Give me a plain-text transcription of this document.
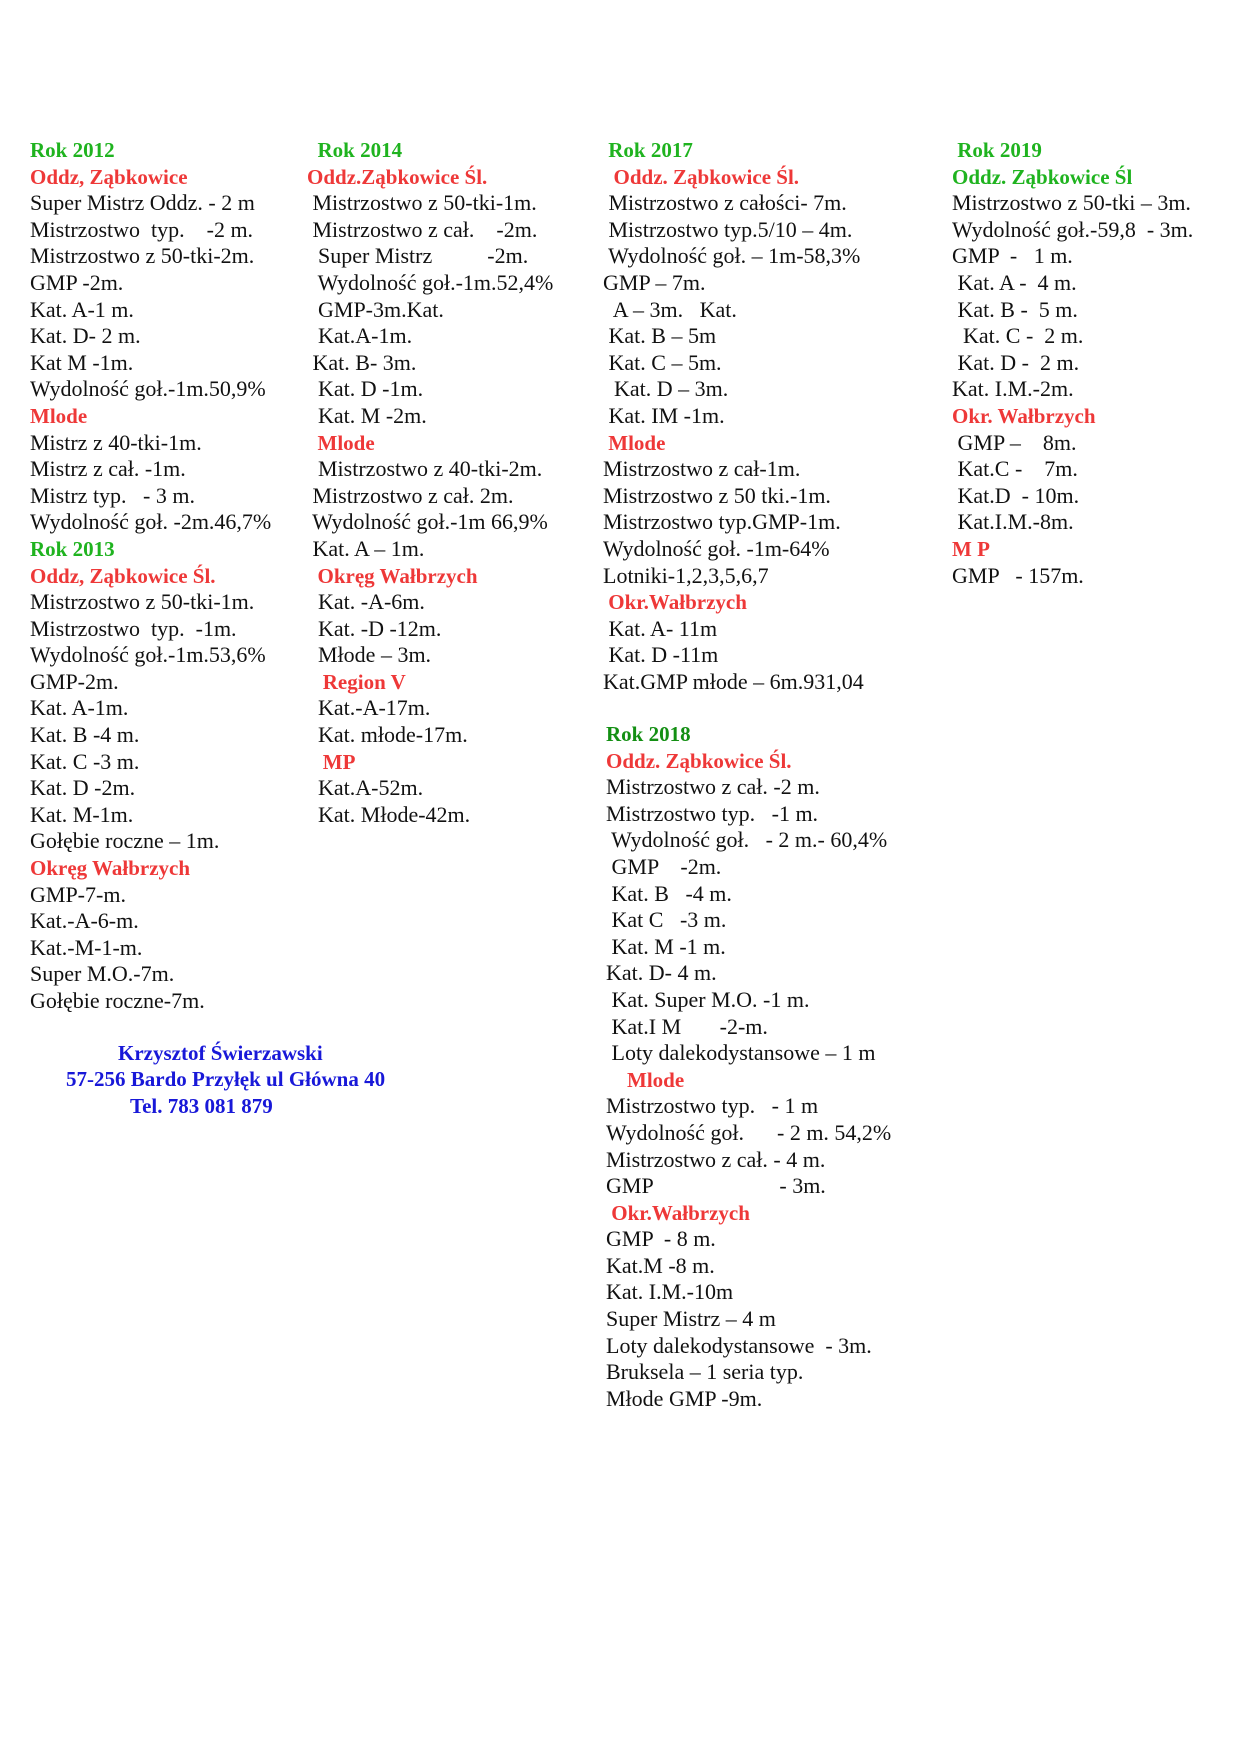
Rok 2012
Oddz, Ząbkowice
Super Mistrz Oddz. - 2 m
Mistrzostwo  typ.    -2 m.
Mistrzostwo z 50-tki-2m.
GMP -2m.
Kat. A-1 m.
Kat. D- 2 m.
Kat M -1m.
Wydolność goł.-1m.50,9%
Mlode
Mistrz z 40-tki-1m.
Mistrz z cał. -1m.
Mistrz typ.   - 3 m.
Wydolność goł. -2m.46,7%
Rok 2013
Oddz, Ząbkowice Śl.
Mistrzostwo z 50-tki-1m.
Mistrzostwo  typ.  -1m.
Wydolność goł.-1m.53,6%
GMP-2m.
Kat. A-1m.
Kat. B -4 m.
Kat. C -3 m.
Kat. D -2m.
Kat. M-1m.
Gołębie roczne – 1m.
Okręg Wałbrzych
GMP-7-m.
Kat.-A-6-m.
Kat.-M-1-m.
Super M.O.-7m.
Gołębie roczne-7m.
Rok 2014
Oddz.Ząbkowice Śl.
Mistrzostwo z 50-tki-1m.
Mistrzostwo z cał.    -2m.
Super Mistrz          -2m.
Wydolność goł.-1m.52,4%
GMP-3m.Kat.
Kat.A-1m.
Kat. B- 3m.
Kat. D -1m.
Kat. M -2m.
Mlode
Mistrzostwo z 40-tki-2m.
Mistrzostwo z cał. 2m.
Wydolność goł.-1m 66,9%
Kat. A – 1m.
Okręg Wałbrzych
Kat. -A-6m.
Kat. -D -12m.
Młode – 3m.
Region V
Kat.-A-17m.
Kat. młode-17m.
MP
Kat.A-52m.
Kat. Młode-42m.
Rok 2017
Oddz. Ząbkowice Śl.
Mistrzostwo z całości- 7m.
Mistrzostwo typ.5/10 – 4m.
Wydolność goł. – 1m-58,3%
GMP – 7m.
A – 3m.   Kat.
Kat. B – 5m
Kat. C – 5m.
Kat. D – 3m.
Kat. IM -1m.
Mlode
Mistrzostwo z cał-1m.
Mistrzostwo z 50 tki.-1m.
Mistrzostwo typ.GMP-1m.
Wydolność goł. -1m-64%
Lotniki-1,2,3,5,6,7
Okr.Wałbrzych
Kat. A- 11m
Kat. D -11m
Kat.GMP młode – 6m.931,04
Rok 2018
Oddz. Ząbkowice Śl.
Mistrzostwo z cał. -2 m.
Mistrzostwo typ.   -1 m.
Wydolność goł.   - 2 m.- 60,4%
GMP    -2m.
Kat. B   -4 m.
Kat C   -3 m.
Kat. M -1 m.
Kat. D- 4 m.
Kat. Super M.O. -1 m.
Kat.I M       -2-m.
Loty dalekodystansowe – 1 m
Mlode
Mistrzostwo typ.   - 1 m
Wydolność goł.      - 2 m. 54,2%
Mistrzostwo z cał. - 4 m.
GMP                       - 3m.
Okr.Wałbrzych
GMP  - 8 m.
Kat.M -8 m.
Kat. I.M.-10m
Super Mistrz – 4 m
Loty dalekodystansowe  - 3m.
Bruksela – 1 seria typ.
Młode GMP -9m.
Rok 2019
Oddz. Ząbkowice Śl
Mistrzostwo z 50-tki – 3m.
Wydolność goł.-59,8  - 3m.
GMP  -   1 m.
Kat. A -  4 m.
Kat. B -  5 m.
Kat. C -  2 m.
Kat. D -  2 m.
Kat. I.M.-2m.
Okr. Wałbrzych
GMP –    8m.
Kat.C -    7m.
Kat.D  - 10m.
Kat.I.M.-8m.
M P
GMP   - 157m.
Krzysztof Świerzawski
57-256 Bardo Przyłęk ul Główna 40
Tel. 783 081 879
